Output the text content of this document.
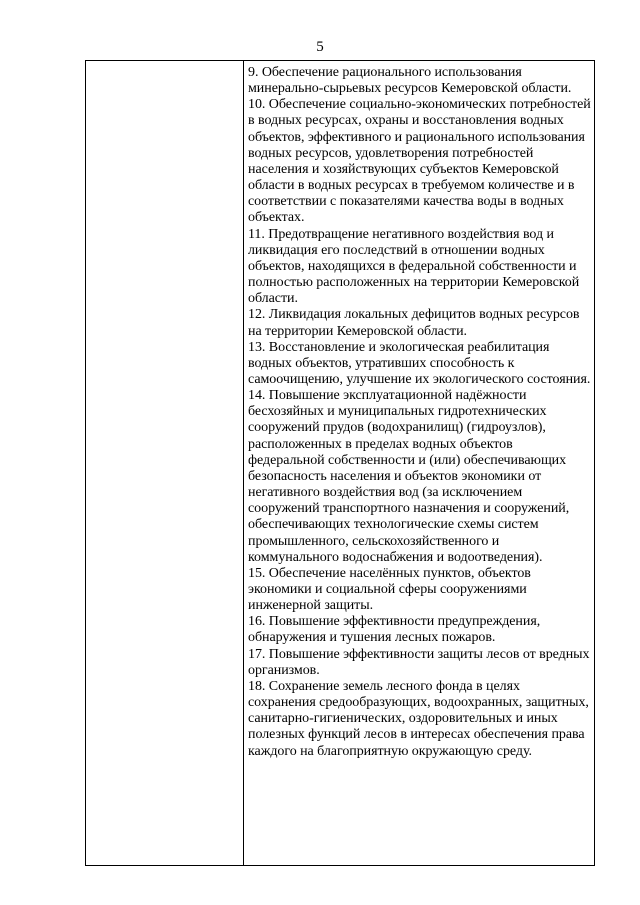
5
9. Обеспечение рационального использования минерально-сырьевых ресурсов Кемеровской области.
10. Обеспечение социально-экономических потребностей в водных ресурсах, охраны и восстановления водных объектов, эффективного и рационального использования водных ресурсов, удовлетворения потребностей населения и хозяйствующих субъектов Кемеровской области в водных ресурсах в требуемом количестве и в соответствии с показателями качества воды в водных объектах.
11. Предотвращение негативного воздействия вод и ликвидация его последствий в отношении водных объектов, находящихся в федеральной собственности и полностью расположенных на территории Кемеровской области.
12. Ликвидация локальных дефицитов водных ресурсов на территории Кемеровской области.
13. Восстановление и экологическая реабилитация водных объектов, утративших способность к самоочищению, улучшение их экологического состояния.
14. Повышение эксплуатационной надёжности бесхозяйных и муниципальных гидротехнических сооружений прудов (водохранилищ) (гидроузлов), расположенных в пределах водных объектов федеральной собственности и (или) обеспечивающих безопасность населения и объектов экономики от негативного воздействия вод (за исключением сооружений транспортного назначения и сооружений, обеспечивающих технологические схемы систем промышленного, сельскохозяйственного и коммунального водоснабжения и водоотведения).
15. Обеспечение населённых пунктов, объектов экономики и социальной сферы сооружениями инженерной защиты.
16. Повышение эффективности предупреждения, обнаружения и тушения лесных пожаров.
17. Повышение эффективности защиты лесов от вредных организмов.
18. Сохранение земель лесного фонда в целях сохранения средообразующих, водоохранных, защитных, санитарно-гигиенических, оздоровительных и иных полезных функций лесов в интересах обеспечения права каждого на благоприятную окружающую среду.
